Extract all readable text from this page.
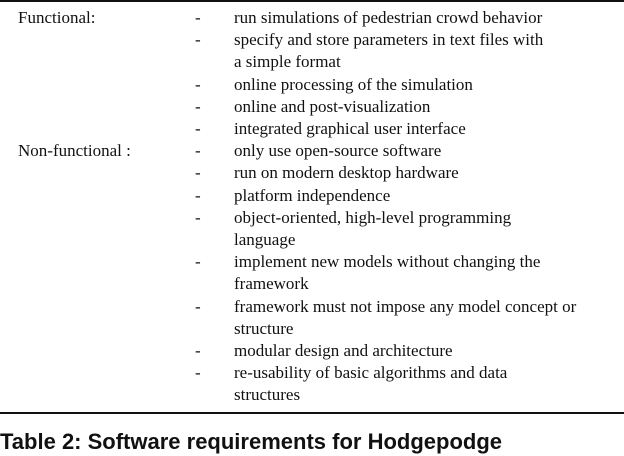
Functional:	- run simulations of pedestrian crowd behavior
- specify and store parameters in text files with
a simple format
- online processing of the simulation
- online and post-visualization
- integrated graphical user interface
Non-functional :	- only use open-source software
- run on modern desktop hardware
- platform independence
- object-oriented, high-level programming
language
- implement new models without changing the
framework
- framework must not impose any model concept or
structure
- modular design and architecture
- re-usability of basic algorithms and data
structures
Table 2: Software requirements for Hodgepodge
